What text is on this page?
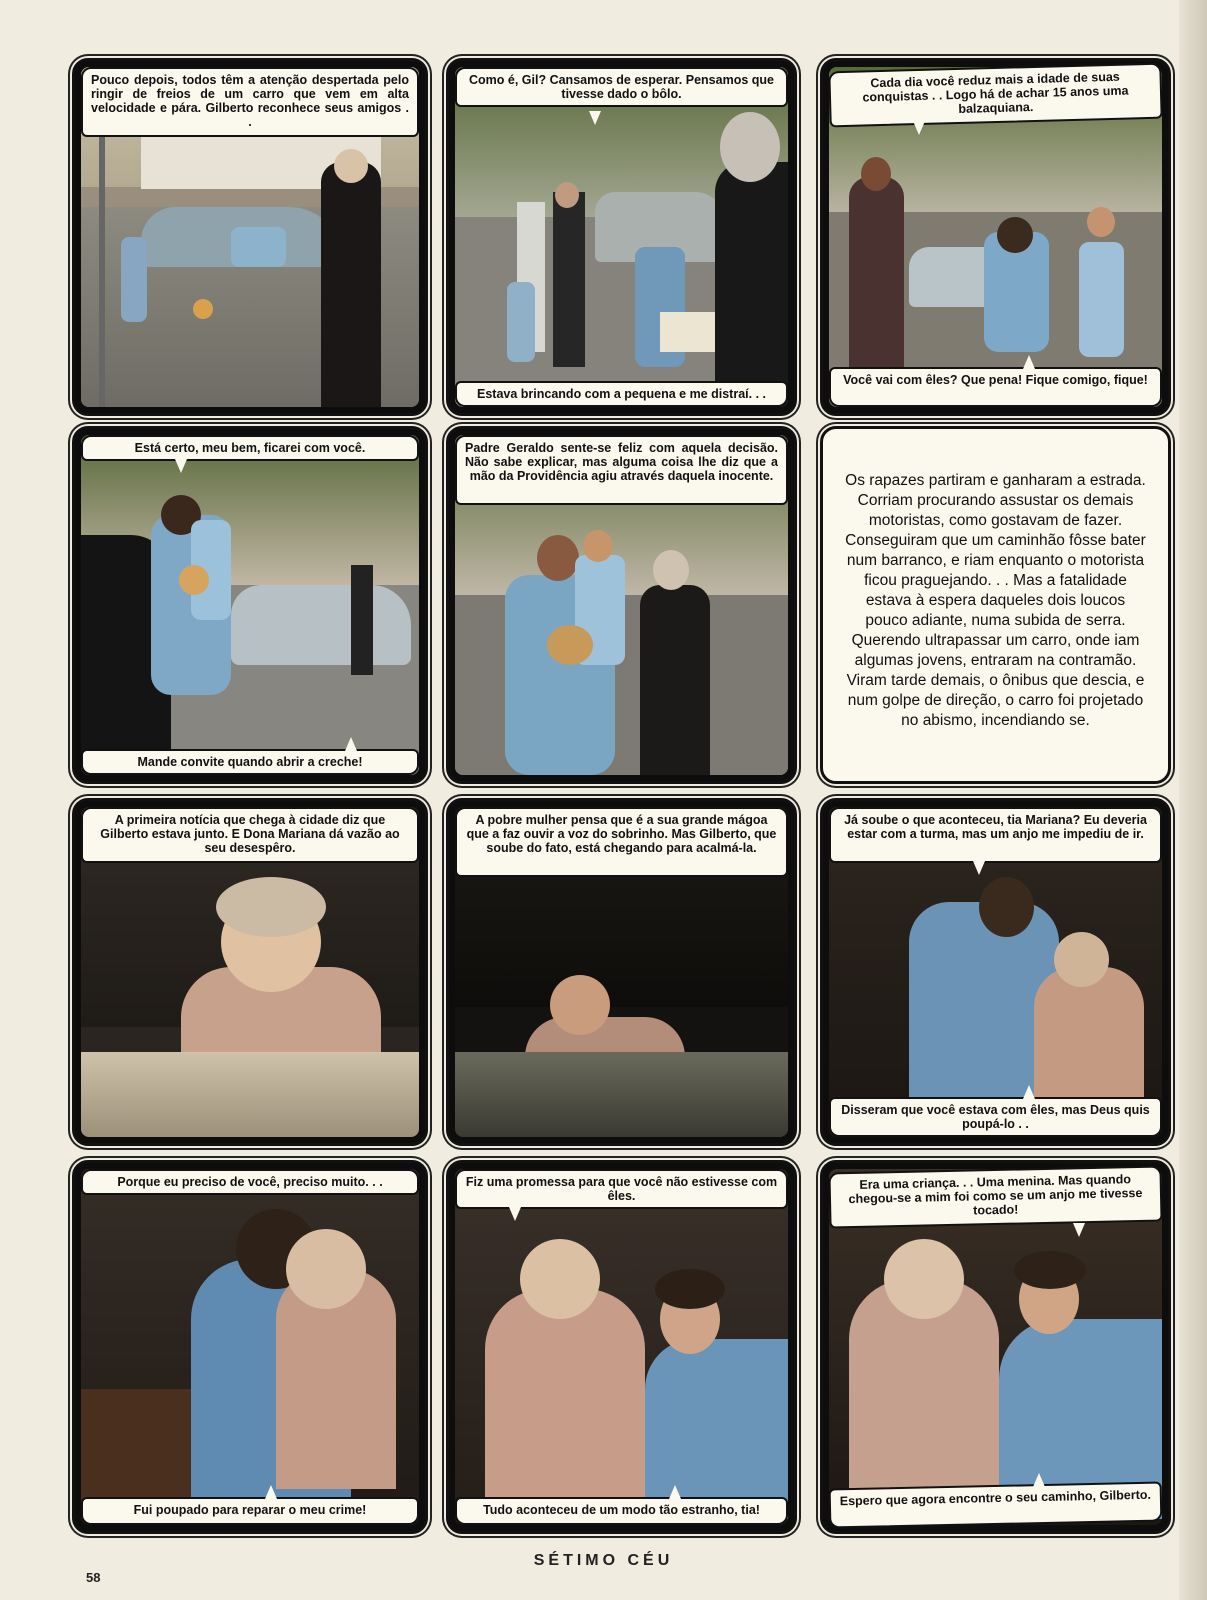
Pouco depois, todos têm a atenção despertada pelo ringir de freios de um carro que vem em alta velocidade e pára. Gilberto reconhece seus amigos . .
Como é, Gil? Cansamos de esperar. Pensamos que tivesse dado o bôlo.
Estava brincando com a pequena e me distraí. . .
Cada dia você reduz mais a idade de suas conquistas . . Logo há de achar 15 anos uma balzaquiana.
Você vai com êles? Que pena! Fique comigo, fique!
Está certo, meu bem, ficarei com você.
Mande convite quando abrir a creche!
Padre Geraldo sente-se feliz com aquela decisão. Não sabe explicar, mas alguma coisa lhe diz que a mão da Providência agiu através daquela inocente.	Os rapazes partiram e ganharam a estrada. Corriam procurando assustar os demais motoristas, como gostavam de fazer. Conseguiram que um caminhão fôsse bater num barranco, e riam enquanto o motorista ficou praguejando. . . Mas a fatalidade estava à espera daqueles dois loucos pouco adiante, numa subida de serra. Querendo ultrapassar um carro, onde iam algumas jovens, entraram na contramão. Viram tarde demais, o ônibus que descia, e num golpe de direção, o carro foi projetado no abismo, incendiando se.

A primeira notícia que chega à cidade diz que Gilberto estava junto. E Dona Mariana dá vazão ao seu desespêro.
A pobre mulher pensa que é a sua grande mágoa que a faz ouvir a voz do sobrinho. Mas Gilberto, que soube do fato, está chegando para acalmá-la.
Já soube o que aconteceu, tia Mariana? Eu deveria estar com a turma, mas um anjo me impediu de ir.
Disseram que você estava com êles, mas Deus quis poupá-lo . .
Porque eu preciso de você, preciso muito. . .
Fui poupado para reparar o meu crime!
Fiz uma promessa para que você não estivesse com êles.
Tudo aconteceu de um modo tão estranho, tia!
Era uma criança. . . Uma menina. Mas quando chegou-se a mim foi como se um anjo me tivesse tocado!
Espero que agora encontre o seu caminho, Gilberto.
SÉTIMO CÉU
58
